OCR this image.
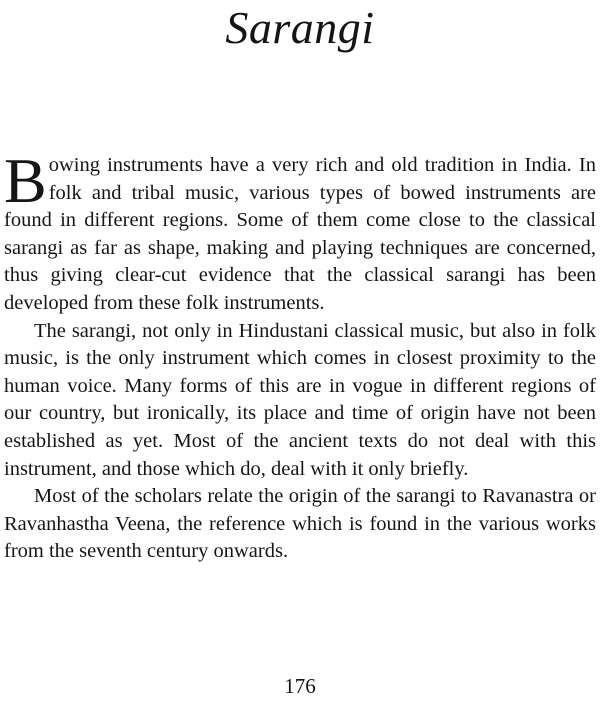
Sarangi

Bowing instruments have a very rich and old tradition in India. In folk and tribal music, various types of bowed instruments are found in different regions. Some of them come close to the classical sarangi as far as shape, making and playing techniques are concerned, thus giving clear-cut evidence that the classical sarangi has been developed from these folk instruments.

The sarangi, not only in Hindustani classical music, but also in folk music, is the only instrument which comes in closest proximity to the human voice. Many forms of this are in vogue in different regions of our country, but ironically, its place and time of origin have not been established as yet. Most of the ancient texts do not deal with this instrument, and those which do, deal with it only briefly.

Most of the scholars relate the origin of the sarangi to Ravanastra or Ravanhastha Veena, the reference which is found in the various works from the seventh century onwards.

176
